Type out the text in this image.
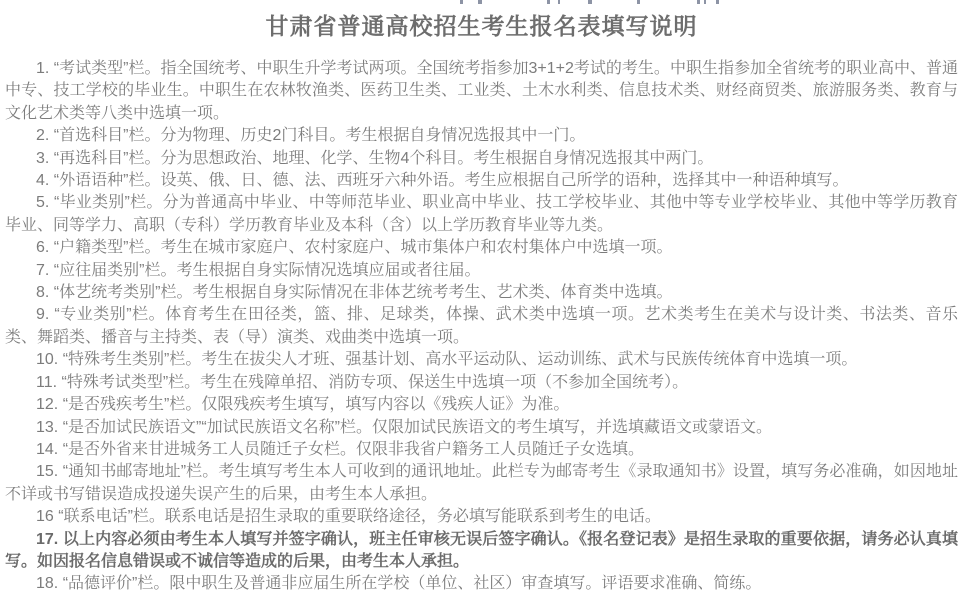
甘肃省普通高校招生考生报名表填写说明

1. “考试类型”栏。指全国统考、中职生升学考试两项。全国统考指参加3+1+2考试的考生。中职生指参加全省统考的职业高中、普通中专、技工学校的毕业生。中职生在农林牧渔类、医药卫生类、工业类、土木水利类、信息技术类、财经商贸类、旅游服务类、教育与文化艺术类等八类中选填一项。

2. “首选科目”栏。分为物理、历史2门科目。考生根据自身情况选报其中一门。

3. “再选科目”栏。分为思想政治、地理、化学、生物4个科目。考生根据自身情况选报其中两门。

4. “外语语种”栏。设英、俄、日、德、法、西班牙六种外语。考生应根据自己所学的语种，选择其中一种语种填写。

5. “毕业类别”栏。分为普通高中毕业、中等师范毕业、职业高中毕业、技工学校毕业、其他中等专业学校毕业、其他中等学历教育毕业、同等学力、高职（专科）学历教育毕业及本科（含）以上学历教育毕业等九类。

6. “户籍类型”栏。考生在城市家庭户、农村家庭户、城市集体户和农村集体户中选填一项。

7. “应往届类别”栏。考生根据自身实际情况选填应届或者往届。

8. “体艺统考类别”栏。考生根据自身实际情况在非体艺统考考生、艺术类、体育类中选填。

9. “专业类别”栏。体育考生在田径类，篮、排、足球类，体操、武术类中选填一项。艺术类考生在美术与设计类、书法类、音乐类、舞蹈类、播音与主持类、表（导）演类、戏曲类中选填一项。

10. “特殊考生类别”栏。考生在拔尖人才班、强基计划、高水平运动队、运动训练、武术与民族传统体育中选填一项。

11. “特殊考试类型”栏。考生在残障单招、消防专项、保送生中选填一项（不参加全国统考）。

12. “是否残疾考生”栏。仅限残疾考生填写，填写内容以《残疾人证》为准。

13. “是否加试民族语文”“加试民族语文名称”栏。仅限加试民族语文的考生填写，并选填藏语文或蒙语文。

14. “是否外省来甘进城务工人员随迁子女栏。仅限非我省户籍务工人员随迁子女选填。

15. “通知书邮寄地址”栏。考生填写考生本人可收到的通讯地址。此栏专为邮寄考生《录取通知书》设置，填写务必准确，如因地址不详或书写错误造成投递失误产生的后果，由考生本人承担。

16 “联系电话”栏。联系电话是招生录取的重要联络途径，务必填写能联系到考生的电话。

17. 以上内容必须由考生本人填写并签字确认，班主任审核无误后签字确认。《报名登记表》是招生录取的重要依据，请务必认真填写。如因报名信息错误或不诚信等造成的后果，由考生本人承担。

18. “品德评价”栏。限中职生及普通非应届生所在学校（单位、社区）审查填写。评语要求准确、简练。
